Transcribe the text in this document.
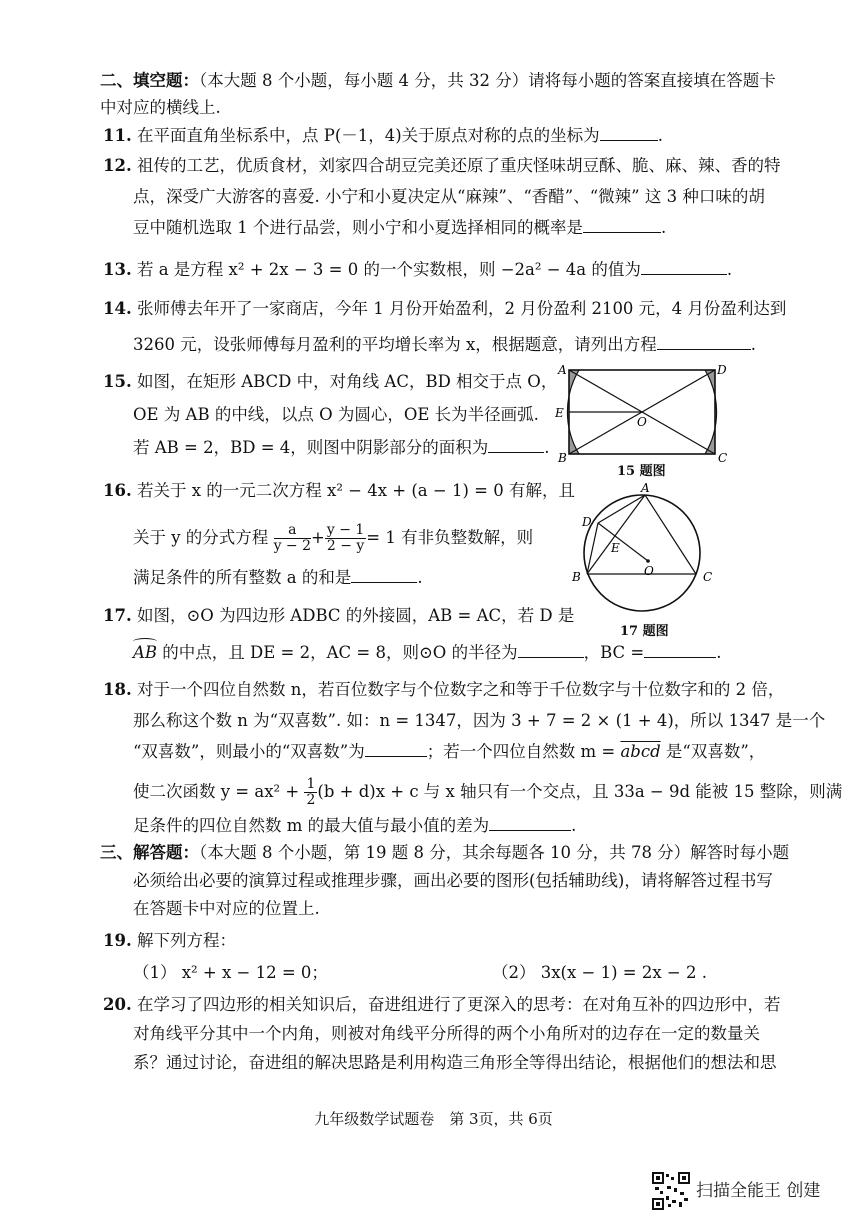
二、填空题：（本大题 8 个小题，每小题 4 分，共 32 分）请将每小题的答案直接填在答题卡
中对应的横线上.
11. 在平面直角坐标系中，点 P(－1，4)关于原点对称的点的坐标为	.
12. 祖传的工艺，优质食材，刘家四合胡豆完美还原了重庆怪味胡豆酥、脆、麻、辣、香的特
点，深受广大游客的喜爱. 小宁和小夏决定从“麻辣”、“香醋”、“微辣” 这 3 种口味的胡
豆中随机选取 1 个进行品尝，则小宁和小夏选择相同的概率是	.
13. 若 a 是方程 x² + 2x − 3 = 0 的一个实数根，则 −2a² − 4a 的值为	.
14. 张师傅去年开了一家商店，今年 1 月份开始盈利，2 月份盈利 2100 元，4 月份盈利达到
3260 元，设张师傅每月盈利的平均增长率为 x，根据题意，请列出方程	.
15. 如图，在矩形 ABCD 中，对角线 AC，BD 相交于点 O，
OE 为 AB 的中线，以点 O 为圆心，OE 长为半径画弧.
若 AB = 2，BD = 4，则图中阴影部分的面积为	.
A	D
E
O
B	C
15 题图
16. 若关于 x 的一元二次方程 x² − 4x + (a − 1) = 0 有解，且
关于 y 的分式方程 $\frac{a}{y - 2} + \frac{y - 1}{2 - y} = 1$ 有非负整数解，则
满足条件的所有整数 a 的和是	.
A
D
E
O
B	C
17 题图
17. 如图，⊙O 为四边形 ADBC 的外接圆，AB = AC，若 D 是
AB 的中点，且 DE = 2，AC = 8，则⊙O 的半径为	，BC =	.
18. 对于一个四位自然数 n，若百位数字与个位数字之和等于千位数字与十位数字和的 2 倍，
那么称这个数 n 为“双喜数”. 如：n = 1347，因为 3 + 7 = 2 × (1 + 4)，所以 1347 是一个
“双喜数”，则最小的“双喜数”为	；若一个四位自然数 m = abcd 是“双喜数”，
使二次函数 $y = ax^2 + \frac{1}{2} (b + d)x + c$ 与 x 轴只有一个交点，且 33a − 9d 能被 15 整除，则满
足条件的四位自然数 m 的最大值与最小值的差为	.
三、解答题：（本大题 8 个小题，第 19 题 8 分，其余每题各 10 分，共 78 分）解答时每小题
必须给出必要的演算过程或推理步骤，画出必要的图形(包括辅助线)，请将解答过程书写
在答题卡中对应的位置上.
19. 解下列方程：
（1） x² + x − 12 = 0；	（2） 3x(x − 1) = 2x − 2 .
20. 在学习了四边形的相关知识后，奋进组进行了更深入的思考：在对角互补的四边形中，若
对角线平分其中一个内角，则被对角线平分所得的两个小角所对的边存在一定的数量关
系？通过讨论，奋进组的解决思路是利用构造三角形全等得出结论，根据他们的想法和思
九年级数学试题卷　第 3页，共 6页
扫描全能王 创建
